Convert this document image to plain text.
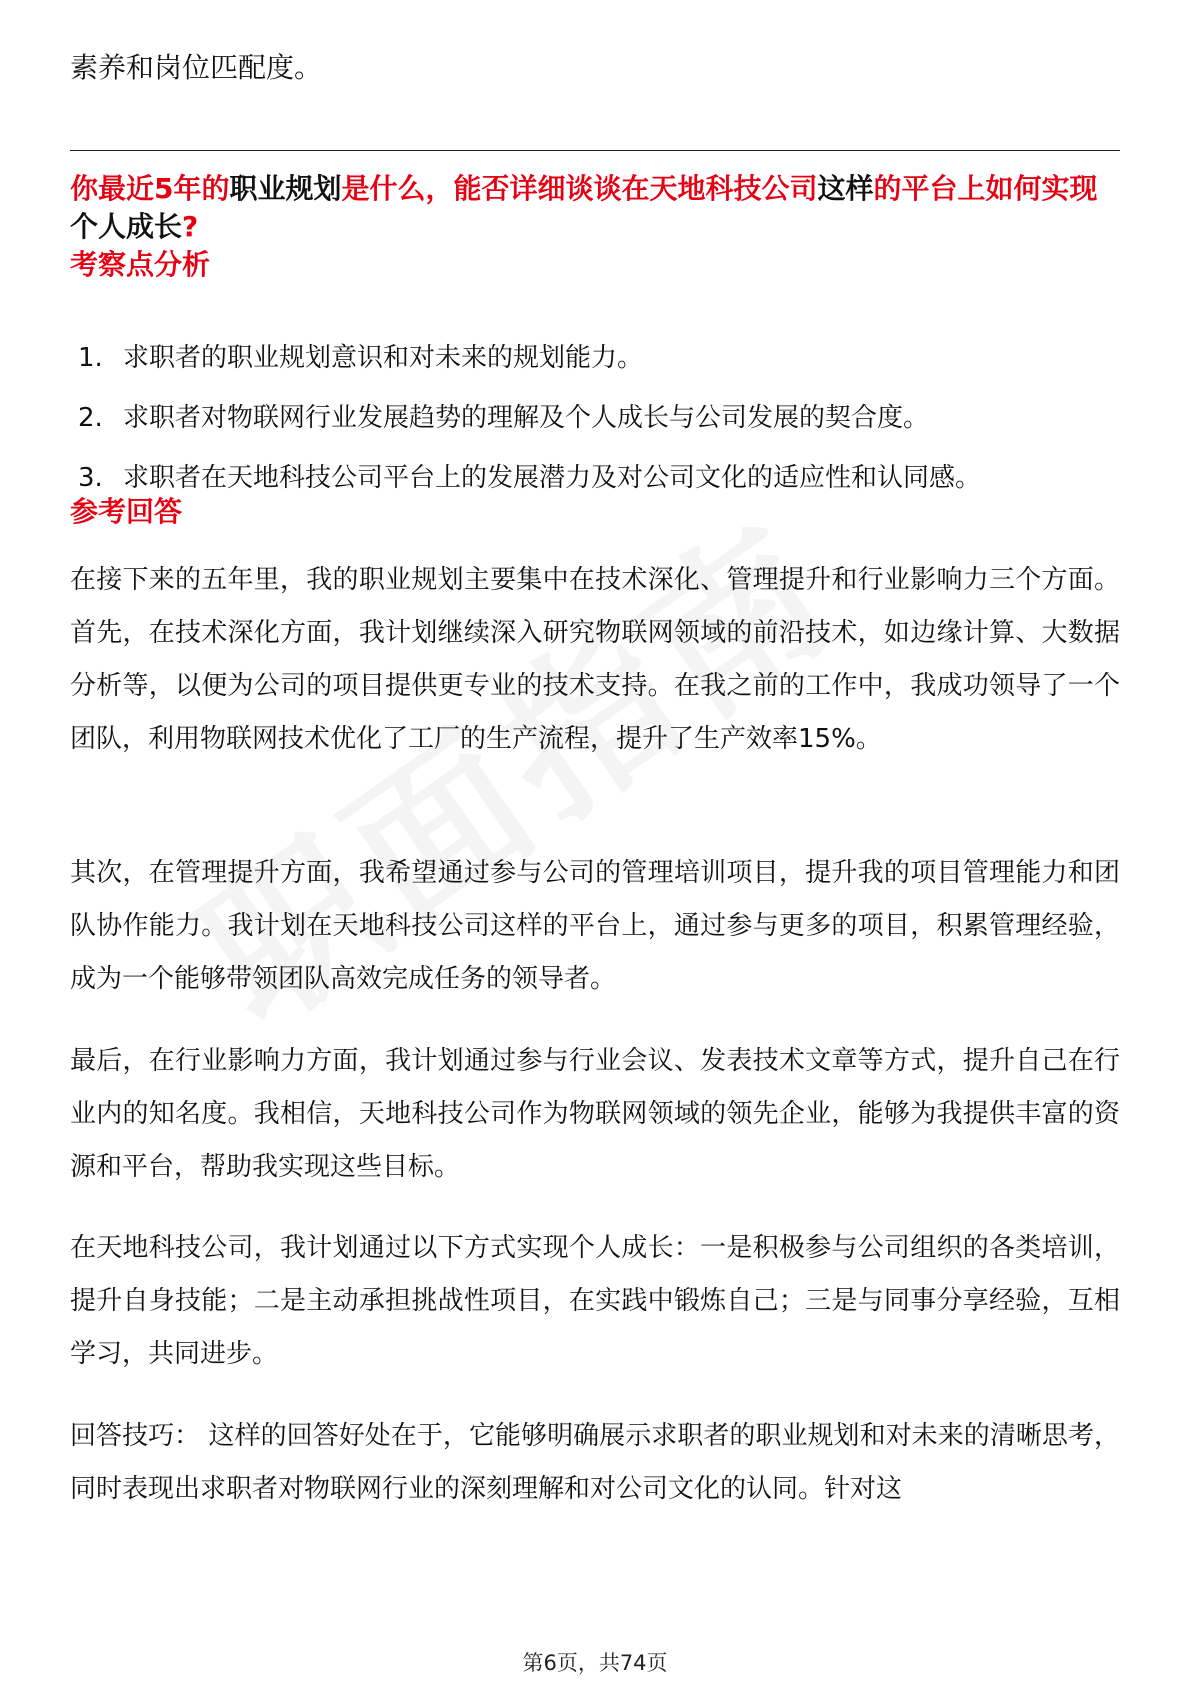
素养和岗位匹配度。
你最近5年的职业规划是什么，能否详细谈谈在天地科技公司这样的平台上如何实现个人成长?
考察点分析
1. 求职者的职业规划意识和对未来的规划能力。
2. 求职者对物联网行业发展趋势的理解及个人成长与公司发展的契合度。
3. 求职者在天地科技公司平台上的发展潜力及对公司文化的适应性和认同感。
参考回答

在接下来的五年里，我的职业规划主要集中在技术深化、管理提升和行业影响力三个方面。首先，在技术深化方面，我计划继续深入研究物联网领域的前沿技术，如边缘计算、大数据分析等，以便为公司的项目提供更专业的技术支持。在我之前的工作中，我成功领导了一个团队，利用物联网技术优化了工厂的生产流程，提升了生产效率15%。

其次，在管理提升方面，我希望通过参与公司的管理培训项目，提升我的项目管理能力和团队协作能力。我计划在天地科技公司这样的平台上，通过参与更多的项目，积累管理经验，成为一个能够带领团队高效完成任务的领导者。

最后，在行业影响力方面，我计划通过参与行业会议、发表技术文章等方式，提升自己在行业内的知名度。我相信，天地科技公司作为物联网领域的领先企业，能够为我提供丰富的资源和平台，帮助我实现这些目标。

在天地科技公司，我计划通过以下方式实现个人成长：一是积极参与公司组织的各类培训，提升自身技能；二是主动承担挑战性项目，在实践中锻炼自己；三是与同事分享经验，互相学习，共同进步。

回答技巧： 这样的回答好处在于，它能够明确展示求职者的职业规划和对未来的清晰思考，同时表现出求职者对物联网行业的深刻理解和对公司文化的认同。针对这

第6页，共74页
